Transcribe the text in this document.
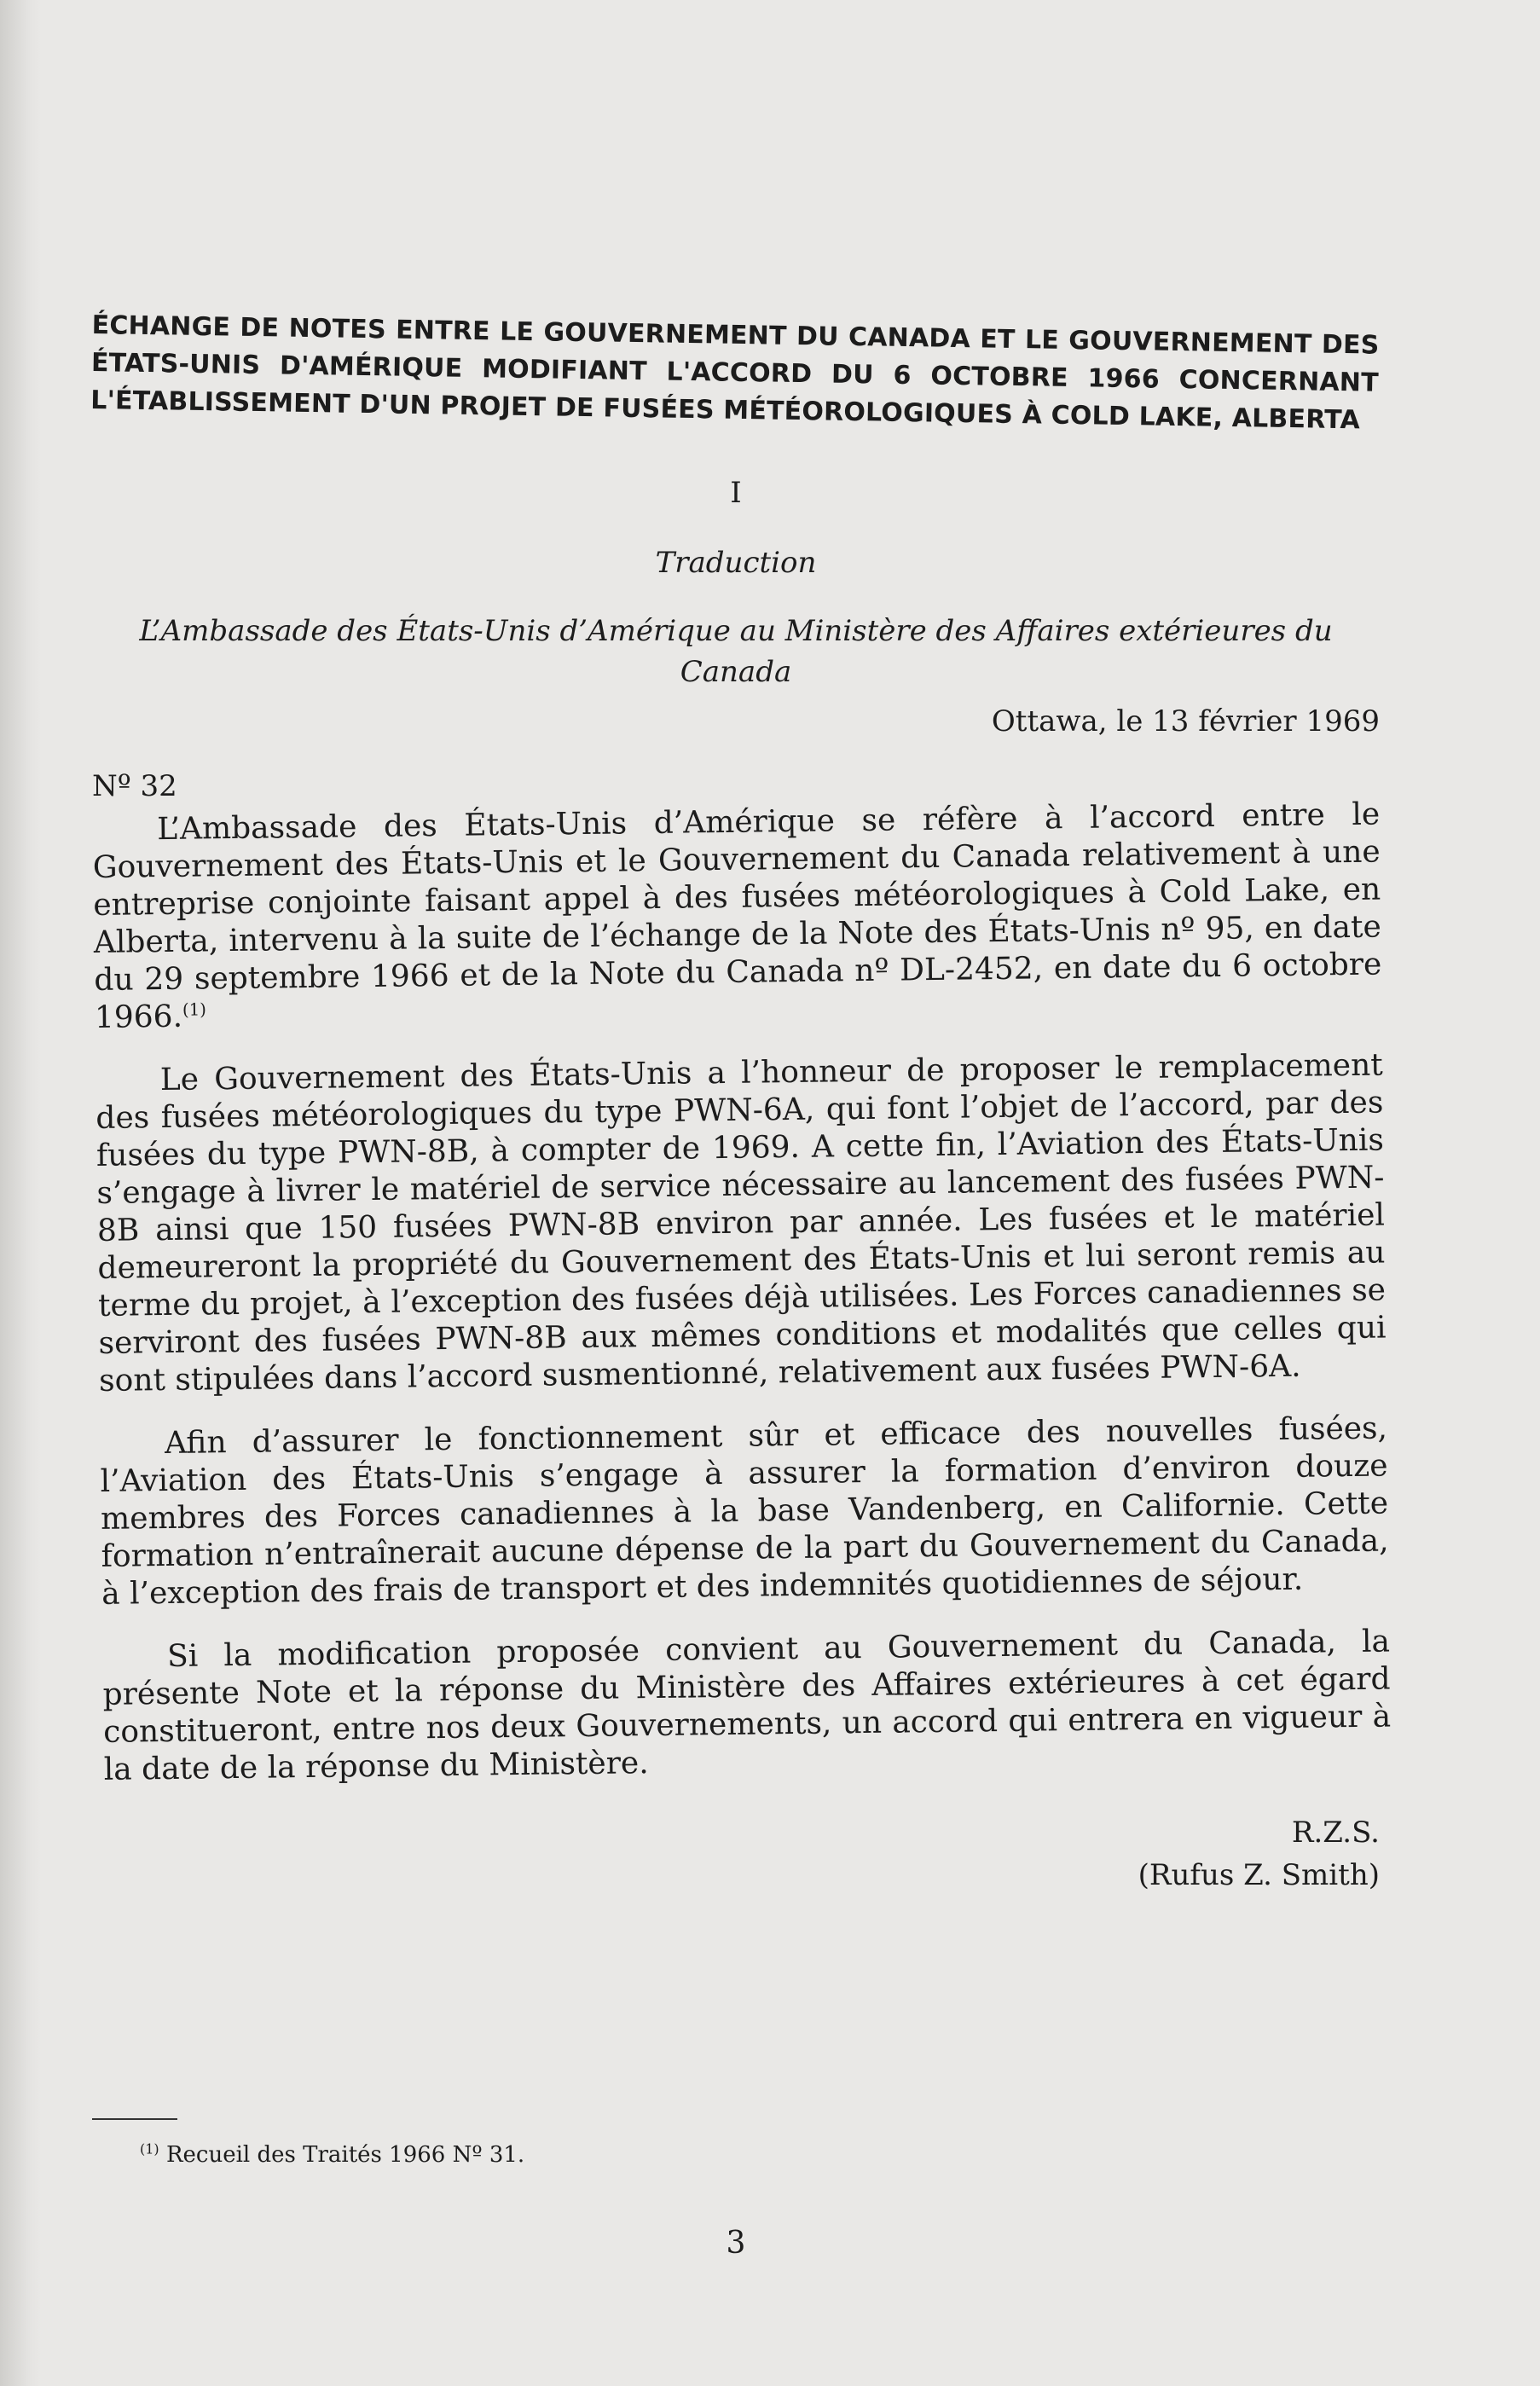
ÉCHANGE DE NOTES ENTRE LE GOUVERNEMENT DU CANADA ET LE GOUVERNEMENT DES ÉTATS-UNIS D'AMÉRIQUE MODIFIANT L'ACCORD DU 6 OCTOBRE 1966 CONCERNANT L'ÉTABLISSEMENT D'UN PROJET DE FUSÉES MÉTÉOROLOGIQUES À COLD LAKE, ALBERTA

I

Traduction

L’Ambassade des États-Unis d’Amérique au Ministère des Affaires extérieures du Canada

Ottawa, le 13 février 1969

Nº 32

L’Ambassade des États-Unis d’Amérique se réfère à l’accord entre le Gouvernement des États-Unis et le Gouvernement du Canada relativement à une entreprise conjointe faisant appel à des fusées météorologiques à Cold Lake, en Alberta, intervenu à la suite de l’échange de la Note des États-Unis nº 95, en date du 29 septembre 1966 et de la Note du Canada nº DL-2452, en date du 6 octobre 1966.$^{(1)}$

Le Gouvernement des États-Unis a l’honneur de proposer le remplacement des fusées météorologiques du type PWN-6A, qui font l’objet de l’accord, par des fusées du type PWN-8B, à compter de 1969. A cette fin, l’Aviation des États-Unis s’engage à livrer le matériel de service nécessaire au lancement des fusées PWN-8B ainsi que 150 fusées PWN-8B environ par année. Les fusées et le matériel demeureront la propriété du Gouvernement des États-Unis et lui seront remis au terme du projet, à l’exception des fusées déjà utilisées. Les Forces canadiennes se serviront des fusées PWN-8B aux mêmes conditions et modalités que celles qui sont stipulées dans l’accord susmentionné, relativement aux fusées PWN-6A.

Afin d’assurer le fonctionnement sûr et efficace des nouvelles fusées, l’Aviation des États-Unis s’engage à assurer la formation d’environ douze membres des Forces canadiennes à la base Vandenberg, en Californie. Cette formation n’entraînerait aucune dépense de la part du Gouvernement du Canada, à l’exception des frais de transport et des indemnités quotidiennes de séjour.

Si la modification proposée convient au Gouvernement du Canada, la présente Note et la réponse du Ministère des Affaires extérieures à cet égard constitueront, entre nos deux Gouvernements, un accord qui entrera en vigueur à la date de la réponse du Ministère.

R.Z.S.
(Rufus Z. Smith)

$^{(1)}$ Recueil des Traités 1966 Nº 31.

3
